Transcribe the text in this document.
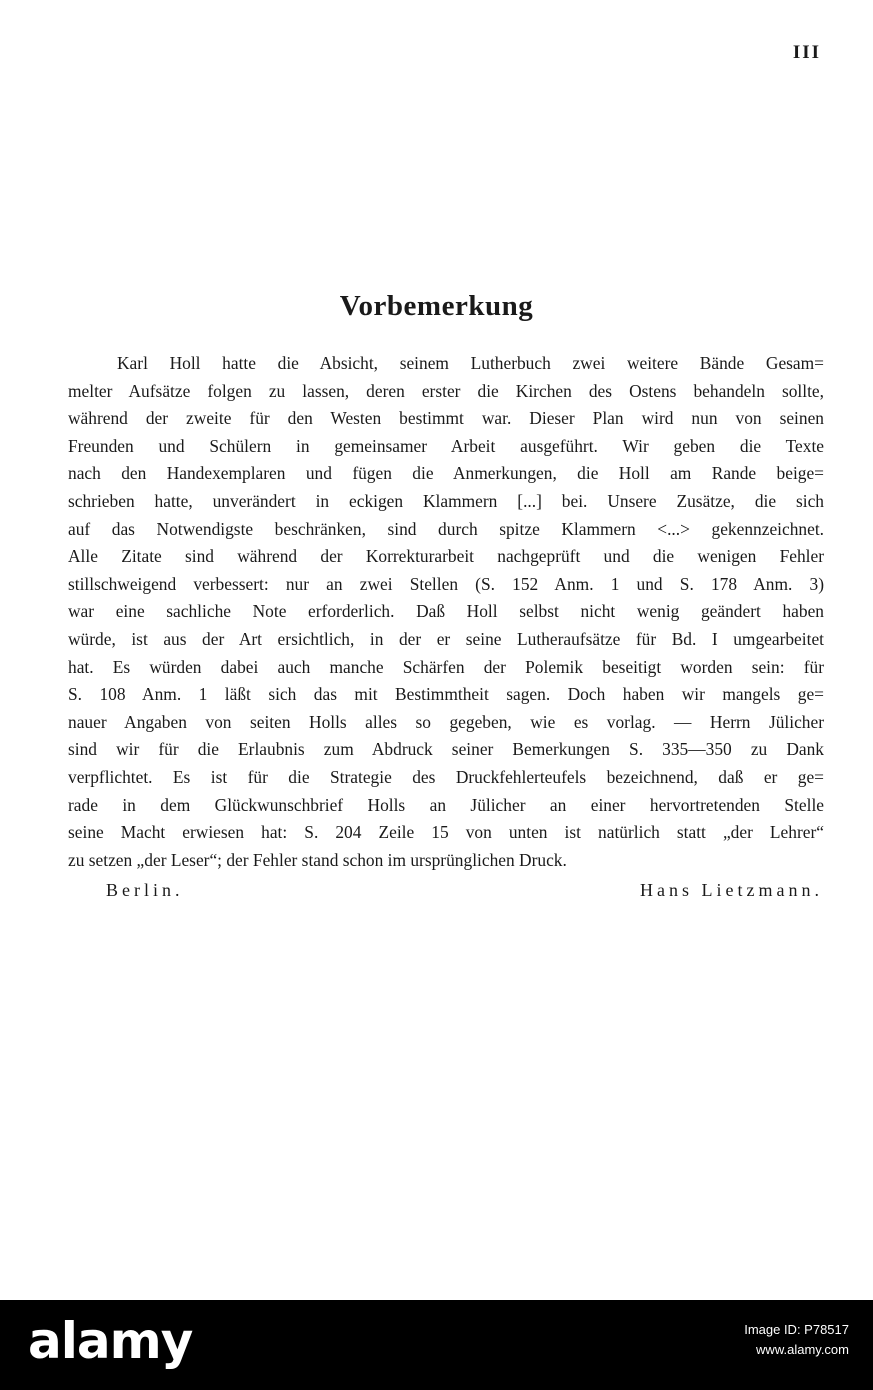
III
Vorbemerkung
Karl Holl hatte die Absicht, seinem Lutherbuch zwei weitere Bände Gesam=
melter Aufsätze folgen zu lassen, deren erster die Kirchen des Ostens behandeln sollte,
während der zweite für den Westen bestimmt war. Dieser Plan wird nun von seinen
Freunden und Schülern in gemeinsamer Arbeit ausgeführt. Wir geben die Texte
nach den Handexemplaren und fügen die Anmerkungen, die Holl am Rande beige=
schrieben hatte, unverändert in eckigen Klammern [...] bei. Unsere Zusätze, die sich
auf das Notwendigste beschränken, sind durch spitze Klammern <...> gekennzeichnet.
Alle Zitate sind während der Korrekturarbeit nachgeprüft und die wenigen Fehler
stillschweigend verbessert: nur an zwei Stellen (S. 152 Anm. 1 und S. 178 Anm. 3)
war eine sachliche Note erforderlich. Daß Holl selbst nicht wenig geändert haben
würde, ist aus der Art ersichtlich, in der er seine Lutheraufsätze für Bd. I umgearbeitet
hat. Es würden dabei auch manche Schärfen der Polemik beseitigt worden sein: für
S. 108 Anm. 1 läßt sich das mit Bestimmtheit sagen. Doch haben wir mangels ge=
nauer Angaben von seiten Holls alles so gegeben, wie es vorlag. — Herrn Jülicher
sind wir für die Erlaubnis zum Abdruck seiner Bemerkungen S. 335—350 zu Dank
verpflichtet. Es ist für die Strategie des Druckfehlerteufels bezeichnend, daß er ge=
rade in dem Glückwunschbrief Holls an Jülicher an einer hervortretenden Stelle
seine Macht erwiesen hat: S. 204 Zeile 15 von unten ist natürlich statt „der Lehrer“
zu setzen „der Leser“; der Fehler stand schon im ursprünglichen Druck.
Berlin.	Hans Lietzmann.
alamy	Image ID: P78517
www.alamy.com
